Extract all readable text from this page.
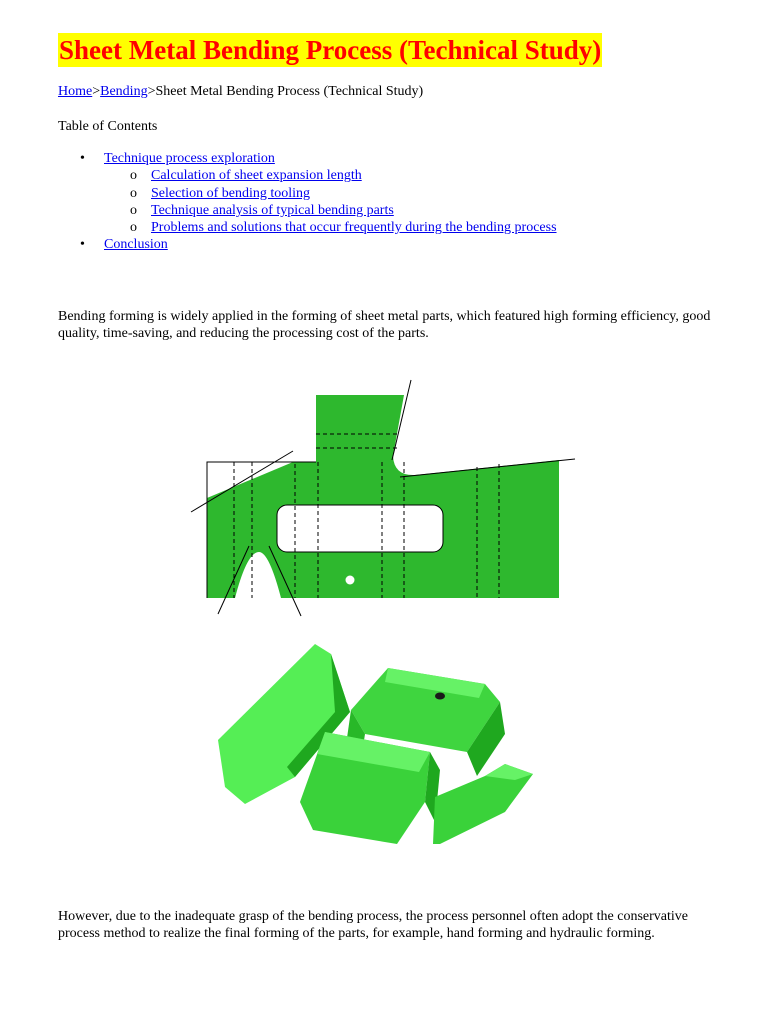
Sheet Metal Bending Process (Technical Study)
Home>Bending>Sheet Metal Bending Process (Technical Study)
Table of Contents
• Technique process exploration
o Calculation of sheet expansion length
o Selection of bending tooling
o Technique analysis of typical bending parts
o Problems and solutions that occur frequently during the bending process
• Conclusion

Bending forming is widely applied in the forming of sheet metal parts, which featured high forming efficiency, good quality, time-saving, and reducing the processing cost of the parts.

However, due to the inadequate grasp of the bending process, the process personnel often adopt the conservative process method to realize the final forming of the parts, for example, hand forming and hydraulic forming.
